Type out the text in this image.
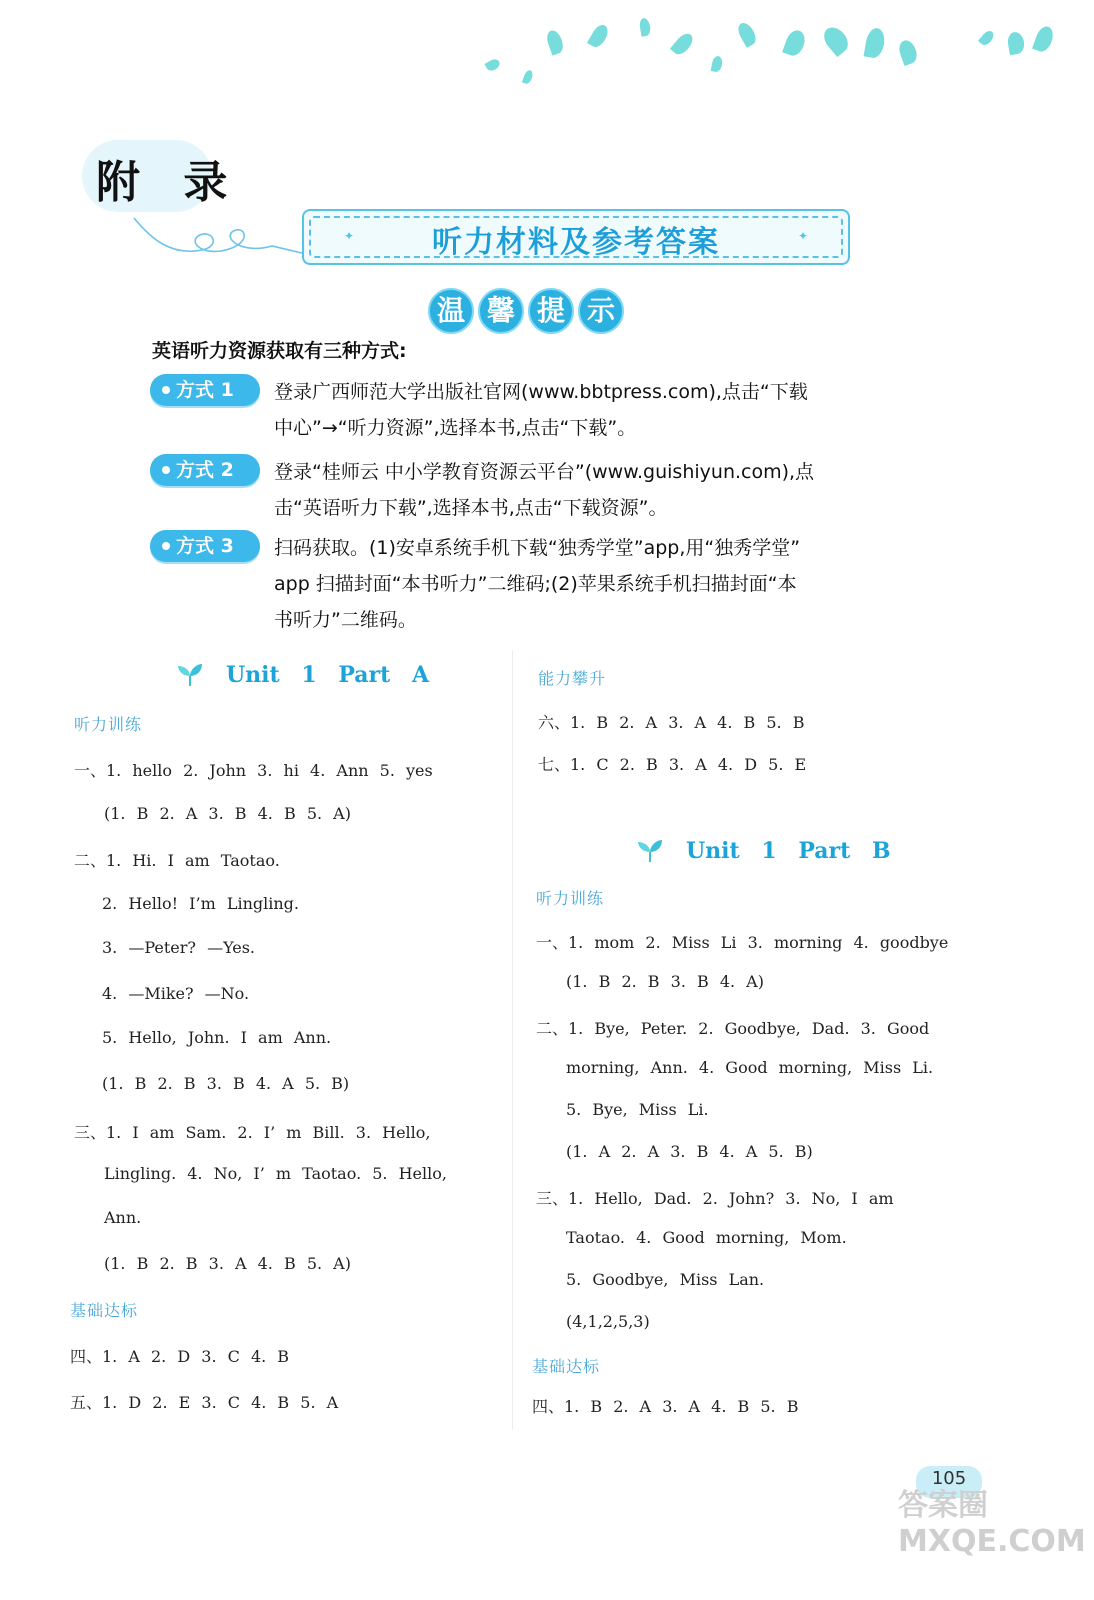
附 录
✦	✦
听力材料及参考答案
温 馨 提 示
英语听力资源获取有三种方式:
方式 1	登录广西师范大学出版社官网(www.bbtpress.com),点击“下载
中心”→“听力资源”,选择本书,点击“下载”。
方式 2	登录“桂师云 中小学教育资源云平台”(www.guishiyun.com),点
击“英语听力下载”,选择本书,点击“下载资源”。
方式 3	扫码获取。(1)安卓系统手机下载“独秀学堂”app,用“独秀学堂”
app 扫描封面“本书听力”二维码;(2)苹果系统手机扫描封面“本
书听力”二维码。
Unit 1 Part A
听力训练
一、1. hello 2. John 3. hi 4. Ann 5. yes
(1. B 2. A 3. B 4. B 5. A)
二、1. Hi. I am Taotao.
2. Hello! I’m Lingling.
3. —Peter? —Yes.
4. —Mike? —No.
5. Hello, John. I am Ann.
(1. B 2. B 3. B 4. A 5. B)
三、1. I am Sam. 2. I’ m Bill. 3. Hello,
Lingling. 4. No, I’ m Taotao. 5. Hello,
Ann.
(1. B 2. B 3. A 4. B 5. A)
基础达标
四、1. A 2. D 3. C 4. B
五、1. D 2. E 3. C 4. B 5. A
能力攀升
六、1. B 2. A 3. A 4. B 5. B
七、1. C 2. B 3. A 4. D 5. E
Unit 1 Part B
听力训练
一、1. mom 2. Miss Li 3. morning 4. goodbye
(1. B 2. B 3. B 4. A)
二、1. Bye, Peter. 2. Goodbye, Dad. 3. Good
morning, Ann. 4. Good morning, Miss Li.
5. Bye, Miss Li.
(1. A 2. A 3. B 4. A 5. B)
三、1. Hello, Dad. 2. John? 3. No, I am
Taotao. 4. Good morning, Mom.
5. Goodbye, Miss Lan.
(4,1,2,5,3)
基础达标
四、1. B 2. A 3. A 4. B 5. B
105
答案圈 MXQE.COM
